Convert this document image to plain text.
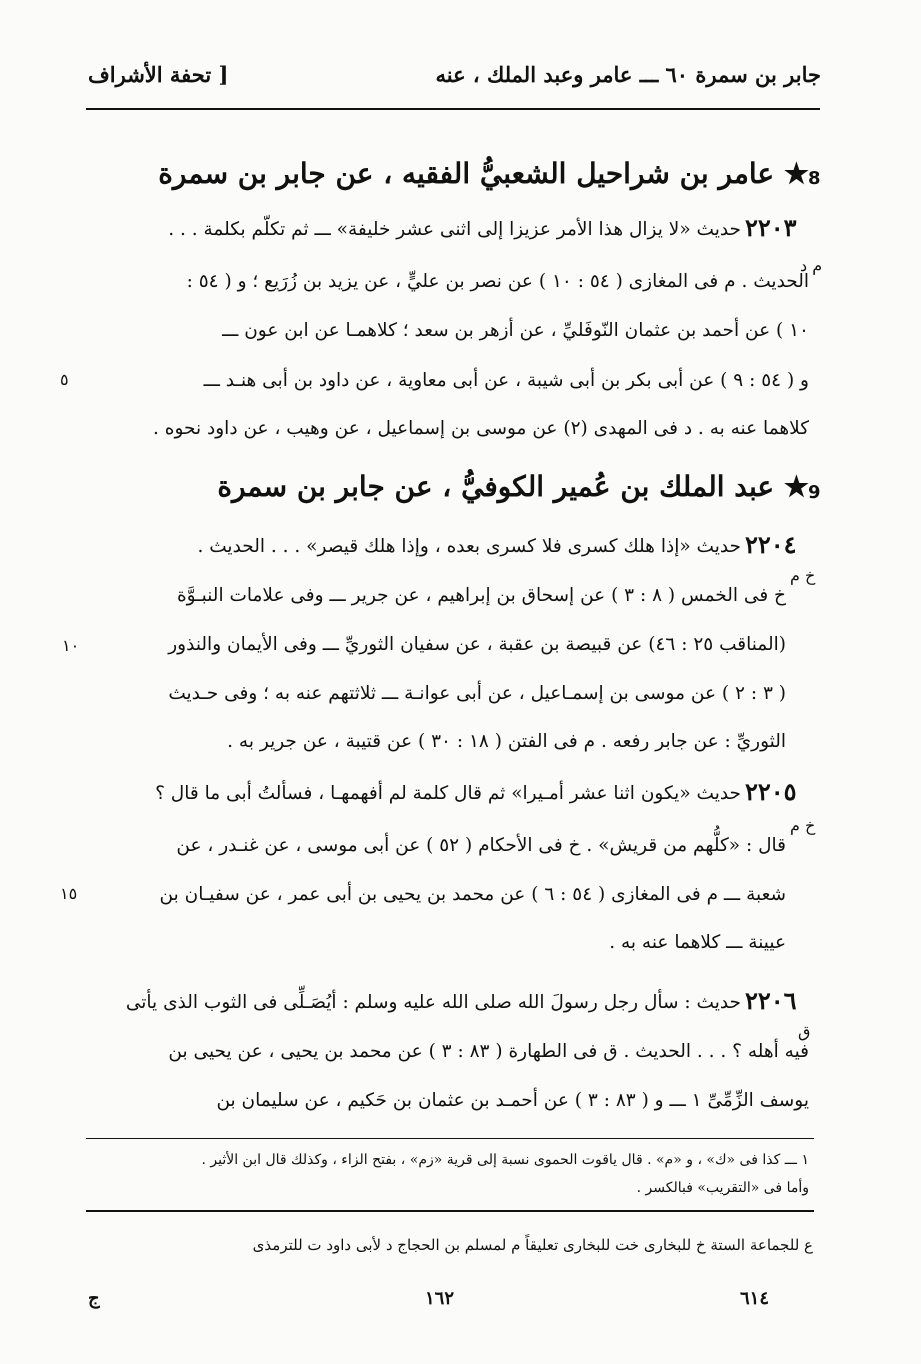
جابر بن سمرة ٦٠ ـــ عامر وعبد الملك ، عنه
[ تحفة الأشراف
8
★ عامر بن شراحيل الشعبيُّ الفقيه ، عن جابر بن سمرة
٢٢٠٣
حديث «لا يزال هذا الأمر عزيزا إلى اثنى عشر خليفة» ـــ ثم تكلّم بكلمة . . .
م د
الحديث . م فى المغازى ( ٥٤ : ١٠ ) عن نصر بن عليٍّ ، عن يزيد بن زُرَيع ؛ و ( ٥٤ :
١٠ ) عن أحمد بن عثمان النّوفَليِّ ، عن أزهر بن سعد ؛ كلاهمـا عن ابن عون ـــ
و ( ٥٤ : ٩ ) عن أبى بكر بن أبى شيبة ، عن أبى معاوية ، عن داود بن أبى هنـد ـــ
٥
كلاهما عنه به . د فى المهدى (٢) عن موسى بن إسماعيل ، عن وهيب ، عن داود نحوه .
9
★ عبد الملك بن عُمير الكوفيُّ ، عن جابر بن سمرة
٢٢٠٤
حديث «إذا هلك كسرى فلا كسرى بعده ، وإذا هلك قيصر» . . . الحديث .
خ م
خ فى الخمس ( ٨ : ٣ ) عن إسحاق بن إبراهيم ، عن جرير ـــ وفى علامات النبـوَّة
(المناقب ٢٥ : ٤٦) عن قبيصة بن عقبة ، عن سفيان الثوريِّ ـــ وفى الأيمان والنذور
١٠
( ٣ : ٢ ) عن موسى بن إسمـاعيل ، عن أبى عوانـة ـــ ثلاثتهم عنه به ؛ وفى حـديث
الثوريِّ : عن جابر رفعه . م فى الفتن ( ١٨ : ٣٠ ) عن قتيبة ، عن جرير به .
٢٢٠٥
حديث «يكون اثنا عشر أمـيرا» ثم قال كلمة لم أفهمهـا ، فسألتُ أبى ما قال ؟
خ م
قال : «كلُّهم من قريش» . خ فى الأحكام ( ٥٢ ) عن أبى موسى ، عن غنـدر ، عن
شعبة ـــ م فى المغازى ( ٥٤ : ٦ ) عن محمد بن يحيى بن أبى عمر ، عن سفيـان بن
١٥
عيينة ـــ كلاهما عنه به .
٢٢٠٦
حديث : سأل رجل رسولَ الله صلى الله عليه وسلم : أيُصَـلِّى فى الثوب الذى يأتى
ق
فيه أهله ؟ . . . الحديث . ق فى الطهارة ( ٨٣ : ٣ ) عن محمد بن يحيى ، عن يحيى بن
يوسف الزِّمِّىِّ ١ ـــ و ( ٨٣ : ٣ ) عن أحمـد بن عثمان بن حَكيم ، عن سليمان بن
١ ـــ كذا فى «ك» ، و «م» . قال ياقوت الحموى نسبة إلى قرية «زم» ، بفتح الزاء ، وكذلك قال ابن الأثير .
وأما فى «التقريب» فبالكسر .
ع للجماعة الستة خ للبخارى خت للبخارى تعليقاً م لمسلم بن الحجاج د لأبى داود ت للترمذى
٦١٤
١٦٢
ج
